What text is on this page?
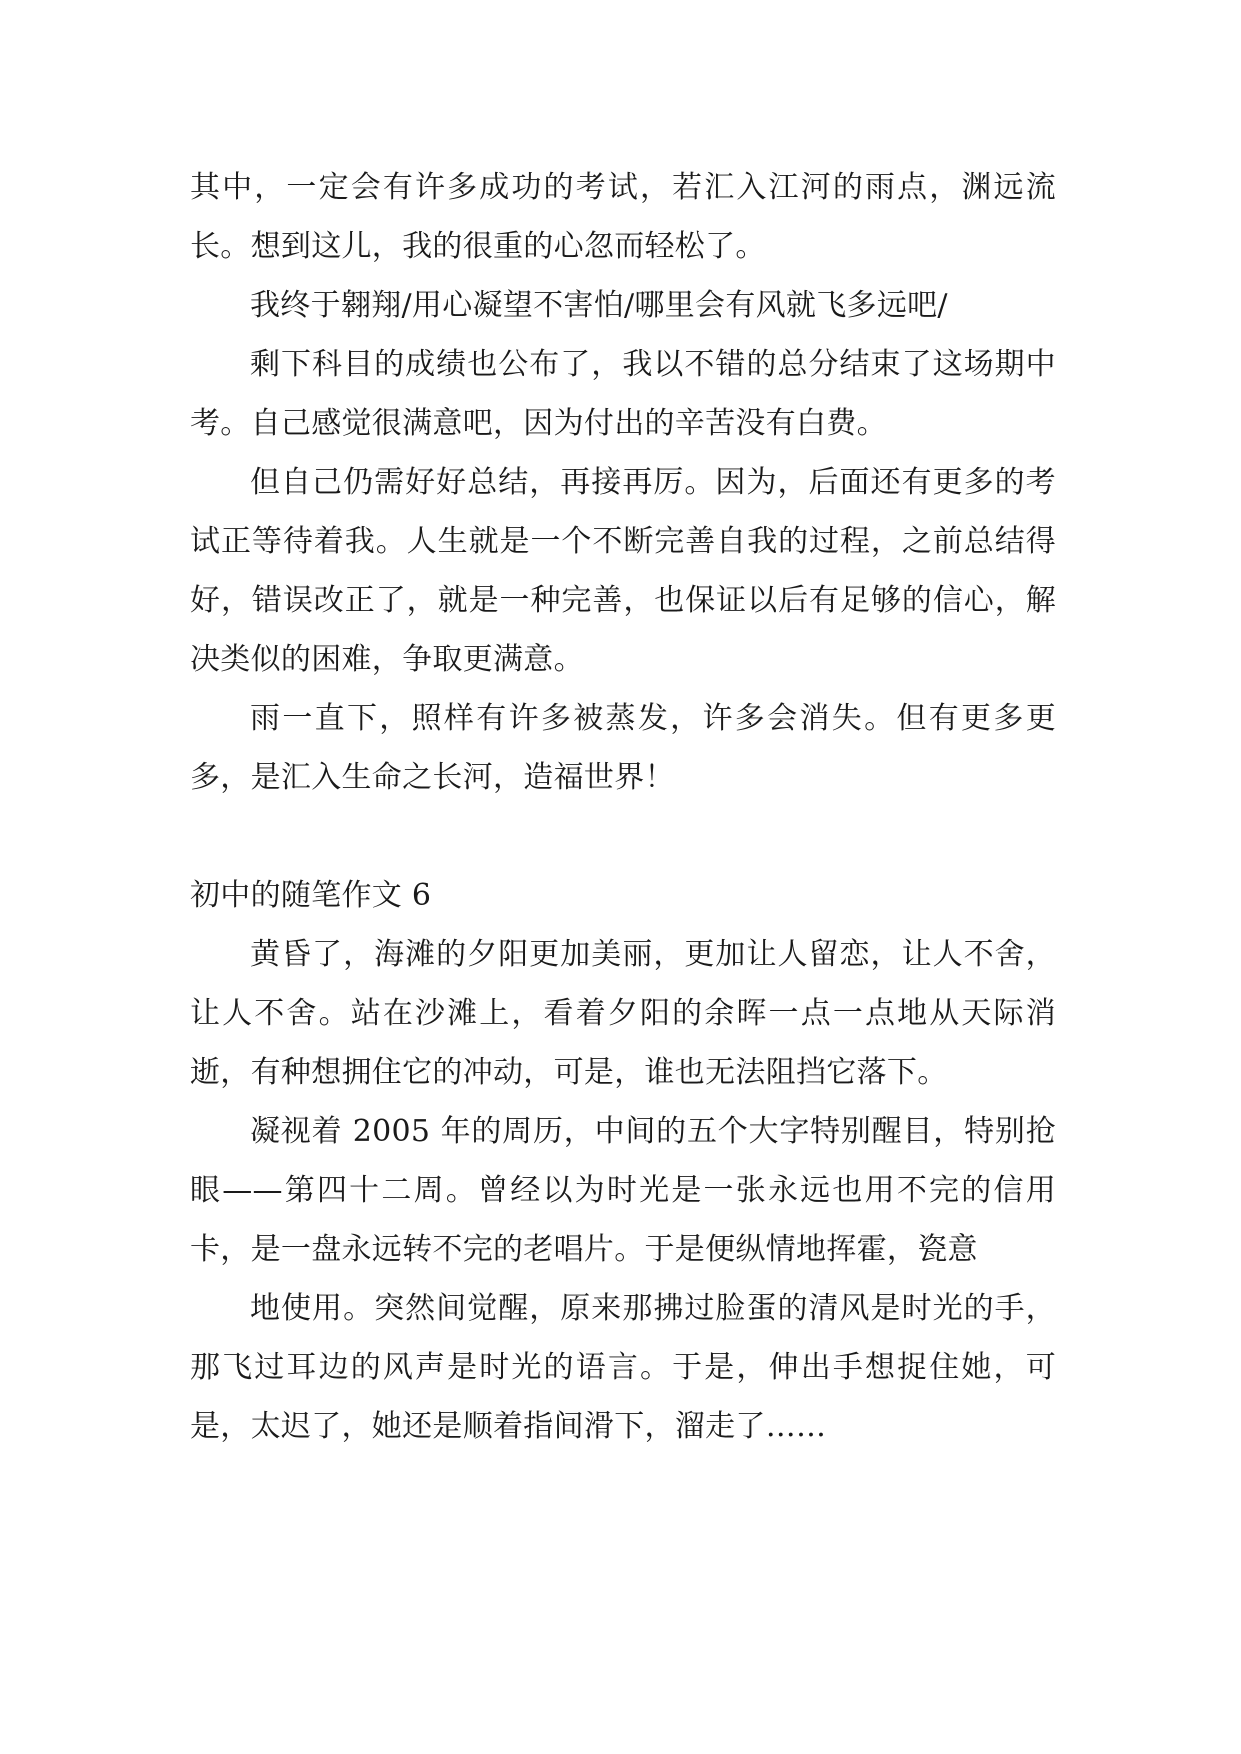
其中，一定会有许多成功的考试，若汇入江河的雨点，渊远流长。想到这儿，我的很重的心忽而轻松了。

我终于翱翔/用心凝望不害怕/哪里会有风就飞多远吧/

剩下科目的成绩也公布了，我以不错的总分结束了这场期中考。自己感觉很满意吧，因为付出的辛苦没有白费。

但自己仍需好好总结，再接再厉。因为，后面还有更多的考试正等待着我。人生就是一个不断完善自我的过程，之前总结得好，错误改正了，就是一种完善，也保证以后有足够的信心，解决类似的困难，争取更满意。

雨一直下，照样有许多被蒸发，许多会消失。但有更多更多，是汇入生命之长河，造福世界！

初中的随笔作文 6

黄昏了，海滩的夕阳更加美丽，更加让人留恋，让人不舍，让人不舍。站在沙滩上，看着夕阳的余晖一点一点地从天际消逝，有种想拥住它的冲动，可是，谁也无法阻挡它落下。

凝视着 2005 年的周历，中间的五个大字特别醒目，特别抢眼——第四十二周。曾经以为时光是一张永远也用不完的信用卡，是一盘永远转不完的老唱片。于是便纵情地挥霍，瓷意

地使用。突然间觉醒，原来那拂过脸蛋的清风是时光的手，那飞过耳边的风声是时光的语言。于是，伸出手想捉住她，可是，太迟了，她还是顺着指间滑下，溜走了……
